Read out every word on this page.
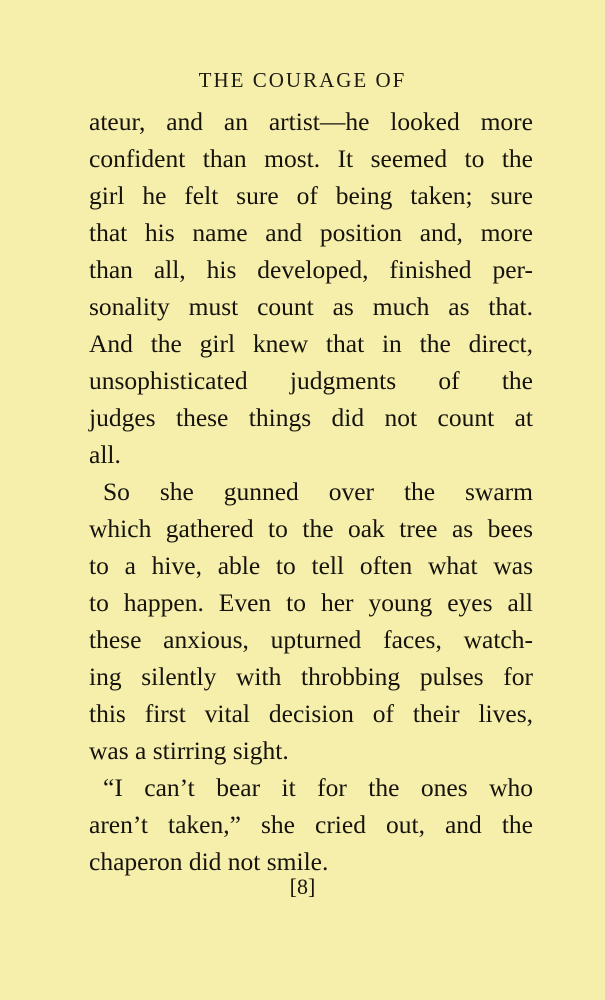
THE COURAGE OF
ateur, and an artist—he looked more
confident than most. It seemed to the
girl he felt sure of being taken; sure
that his name and position and, more
than all, his developed, finished per-
sonality must count as much as that.
And the girl knew that in the direct,
unsophisticated judgments of the
judges these things did not count at
all.
So she gunned over the swarm
which gathered to the oak tree as bees
to a hive, able to tell often what was
to happen. Even to her young eyes all
these anxious, upturned faces, watch-
ing silently with throbbing pulses for
this first vital decision of their lives,
was a stirring sight.
“I can’t bear it for the ones who
aren’t taken,” she cried out, and the
chaperon did not smile.
[8]
